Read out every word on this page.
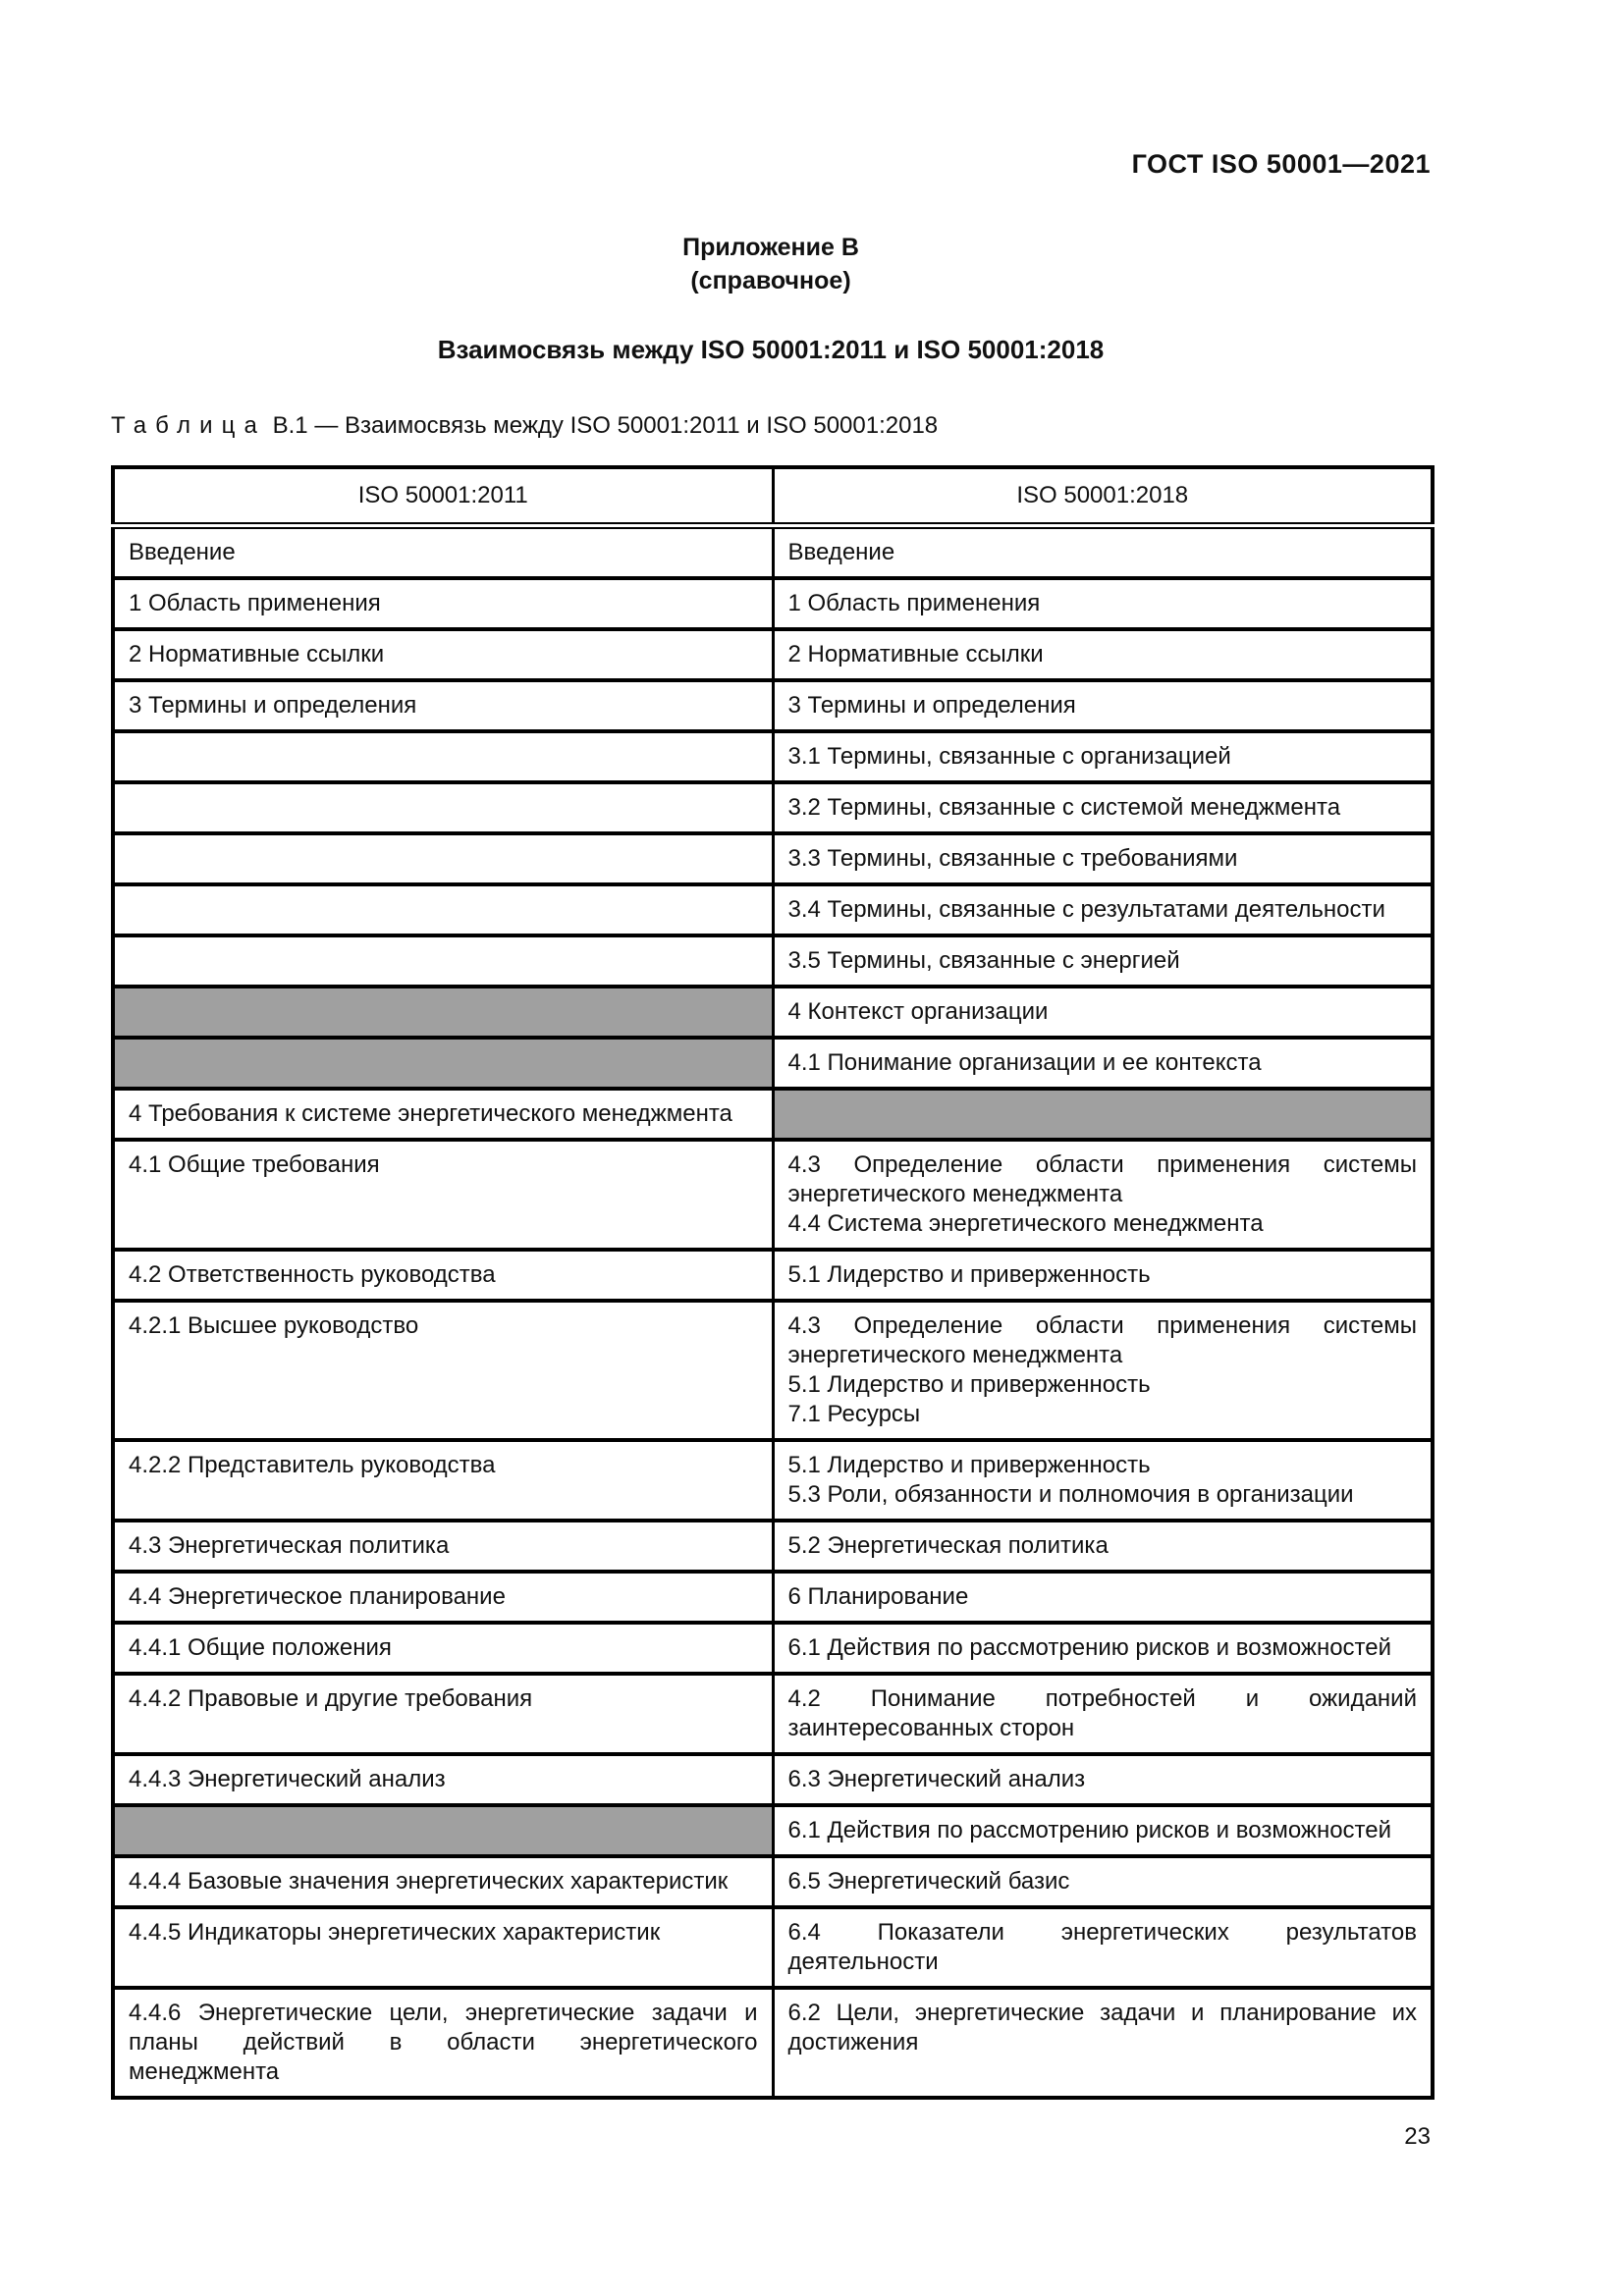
ГОСТ ISO 50001—2021
Приложение В
(справочное)
Взаимосвязь между ISO 50001:2011 и ISO 50001:2018
Таблица В.1 — Взаимосвязь между ISO 50001:2011 и ISO 50001:2018
ISO 50001:2011	ISO 50001:2018

Введение	Введение

1 Область применения	1 Область применения

2 Нормативные ссылки	2 Нормативные ссылки

3 Термины и определения	3 Термины и определения

	3.1 Термины, связанные с организацией

	3.2 Термины, связанные с системой менеджмента

	3.3 Термины, связанные с требованиями

	3.4 Термины, связанные с результатами деятельности

	3.5 Термины, связанные с энергией

	4 Контекст организации

	4.1 Понимание организации и ее контекста

4 Требования к системе энергетического менеджмента	

4.1 Общие требования	4.3 Определение области применения системы энергетического менеджмента
4.4 Система энергетического менеджмента

4.2 Ответственность руководства	5.1 Лидерство и приверженность

4.2.1 Высшее руководство	4.3 Определение области применения системы энергетического менеджмента
5.1 Лидерство и приверженность
7.1 Ресурсы

4.2.2 Представитель руководства	5.1 Лидерство и приверженность
5.3 Роли, обязанности и полномочия в организации

4.3 Энергетическая политика	5.2 Энергетическая политика

4.4 Энергетическое планирование	6 Планирование

4.4.1 Общие положения	6.1 Действия по рассмотрению рисков и возможностей

4.4.2 Правовые и другие требования	4.2 Понимание потребностей и ожиданий заинтересованных сторон

4.4.3 Энергетический анализ	6.3 Энергетический анализ

	6.1 Действия по рассмотрению рисков и возможностей

4.4.4 Базовые значения энергетических характеристик	6.5 Энергетический базис

4.4.5 Индикаторы энергетических характеристик	6.4 Показатели энергетических результатов деятельности

4.4.6 Энергетические цели, энергетические задачи и планы действий в области энергетического менеджмента	6.2 Цели, энергетические задачи и планирование их достижения
23
